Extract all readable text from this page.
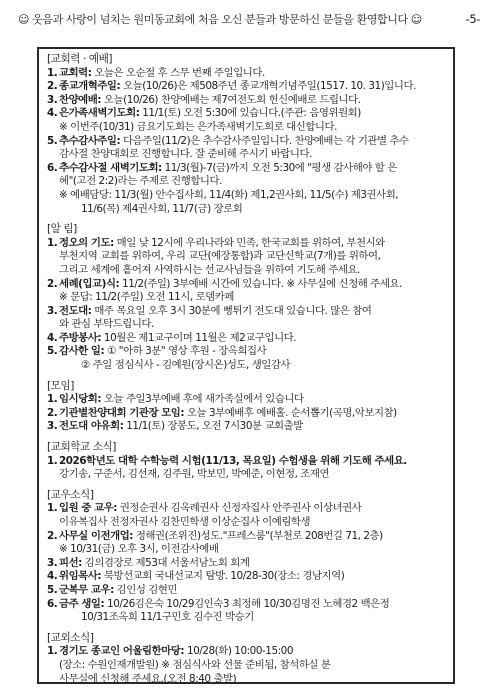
☺ 웃음과 사랑이 넘치는 원미동교회에 처음 오신 분들과 방문하신 분들을 환영합니다 ☺	-5-
[교회력 · 예배]
1. 교회력: 오늘은 오순절 후 스무 번째 주일입니다.
2. 종교개혁주일: 오늘(10/26)은 제508주년 종교개혁기념주일(1517. 10. 31)입니다.
3. 찬양예배: 오늘(10/26) 찬양예배는 제7여전도회 헌신예배로 드립니다.
4. 은가족새벽기도회: 11/1(토) 오전 5:30에 있습니다.(주관: 음영위원회)
※ 이번주(10/31) 금요기도회는 은가족새벽기도회로 대신합니다.
5. 추수감사주일: 다음주일(11/2)은 추수감사주일입니다. 찬양예배는 각 기관별 추수
감사절 찬양대회로 진행합니다. 잘 준비해 주시기 바랍니다.
6. 추수감사절 새벽기도회: 11/3(월)-7(금)까지 오전 5:30에 "평생 감사해야 할 은
혜"(고전 2:2)라는 주제로 진행합니다.
※ 예배담당: 11/3(월) 안수집사회, 11/4(화) 제1,2권사회, 11/5(수) 제3권사회,
11/6(목) 제4권사회, 11/7(금) 장로회
[알 림]
1. 정오의 기도: 매일 낮 12시에 우리나라와 민족, 한국교회를 위하여, 부천시와
부천지역 교회를 위하여, 우리 교단(예장통합)과 교단신학교(7개)를 위하여,
그리고 세계에 흩어져 사역하시는 선교사님들을 위하여 기도해 주세요.
2. 세례(입교)식: 11/2(주일) 3부예배 시간에 있습니다. ※ 사무실에 신청해 주세요.
※ 문답: 11/2(주일) 오전 11시, 로뎀카페
3. 전도대: 매주 목요일 오후 3시 30분에 뻥튀기 전도대 있습니다. 많은 참여
와 관심 부탁드립니다.
4. 주방봉사: 10월은 제1교구이며 11월은 제2교구입니다.
5. 감사한 일: ① "아하 3분" 영상 후원 - 장옥희집사
② 주일 점심식사 - 김예원(장시온)성도, 생일감사
[모임]
1. 임시당회: 오늘 주일3부예배 후에 새가족실에서 있습니다
2. 기관별찬양대회 기관장 모임: 오늘 3부예배후 예배홀. 순서뽑기(곡명,악보지참)
3. 전도대 야유회: 11/1(토) 장봉도, 오전 7시30분 교회출발
[교회학교 소식]
1. 2026학년도 대학 수학능력 시험(11/13, 목요일) 수험생을 위해 기도해 주세요.
강기송, 구준서, 김선재, 김주원, 박보민, 박예준, 이현정, 조재연
[교우소식]
1. 입원 중 교우: 권정순권사 김옥례권사 신정자집사 안주권사 이상녀권사
이유복집사 전정자권사 김찬민학생 이상순집사 이예림학생
2. 사무실 이전개업: 정해권(조위진)성도."프레스룸"(부천로 208번길 71, 2층)
※ 10/31(금) 오후 3시, 이전감사예배
3. 피선: 김의겸장로 제53대 서울서남노회 회계
4. 위임목사: 북방선교회 국내선교지 탐방. 10/28-30(장소: 경남지역)
5. 군복무 교우: 김인성 김현민
6. 금주 생일: 10/26김은숙 10/29김인숙3 최정해 10/30김명진 노혜경2 백은정
10/31조옥희 11/1구민호 김수진 박승기
[교외소식]
1. 경기도 종교인 어울림한마당: 10/28(화) 10:00-15:00
(장소: 수원인재개발원) ※ 점심식사와 선물 준비됨, 참석하실 분
사무실에 신청해 주세요.(오전 8:40 출발)
